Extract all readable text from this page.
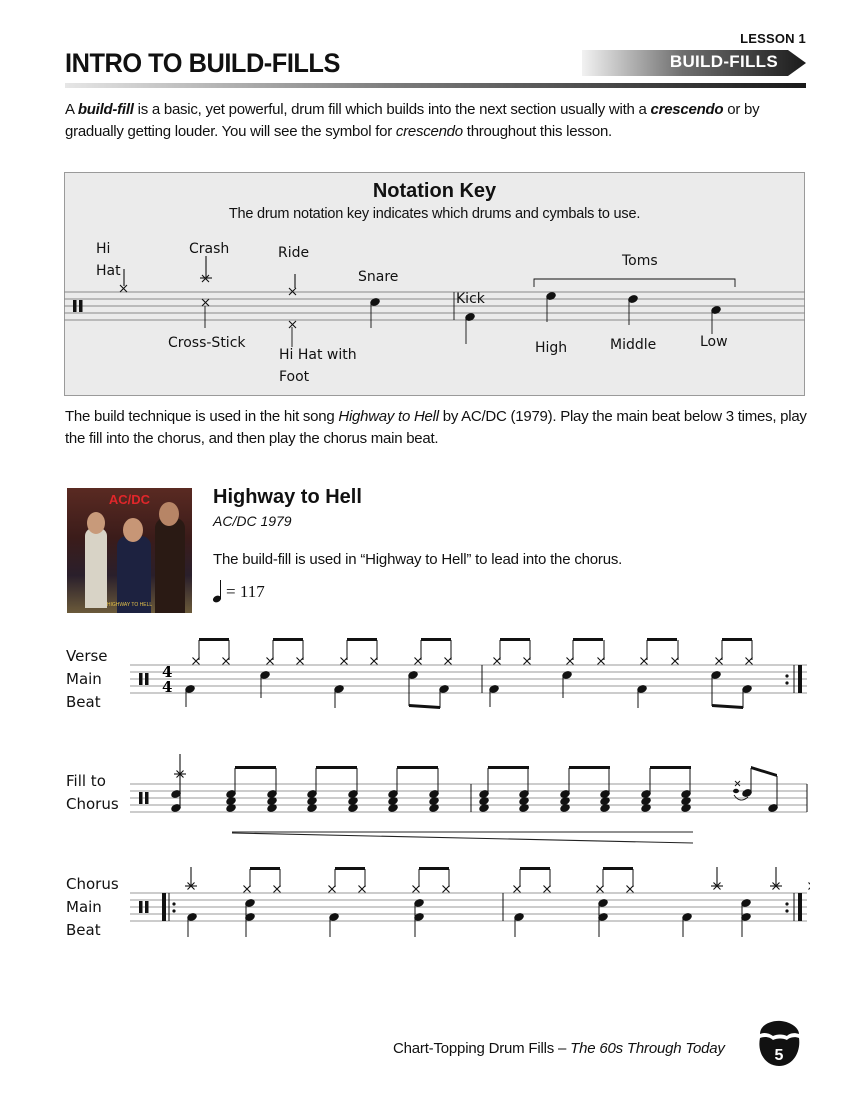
LESSON 1
BUILD-FILLS
INTRO TO BUILD-FILLS
A build-fill is a basic, yet powerful, drum fill which builds into the next section usually with a crescendo or by gradually getting louder. You will see the symbol for crescendo throughout this lesson.
Notation Key
The drum notation key indicates which drums and cymbals to use.
Hi
Hat
Crash	Ride
Snare
Kick
Toms
Cross-Stick
Hi Hat with
Foot
High	Middle	Low
The build technique is used in the hit song Highway to Hell by AC/DC (1979). Play the main beat below 3 times, play the fill into the chorus, and then play the chorus main beat.
AC/DC
HIGHWAY TO HELL
Highway to Hell
AC/DC 1979
The build-fill is used in “Highway to Hell” to lead into the chorus.
= 117
Verse
Main
Beat
Fill to
Chorus
Chorus
Main
Beat
4
4
Chart-Topping Drum Fills – The 60s Through Today	5
